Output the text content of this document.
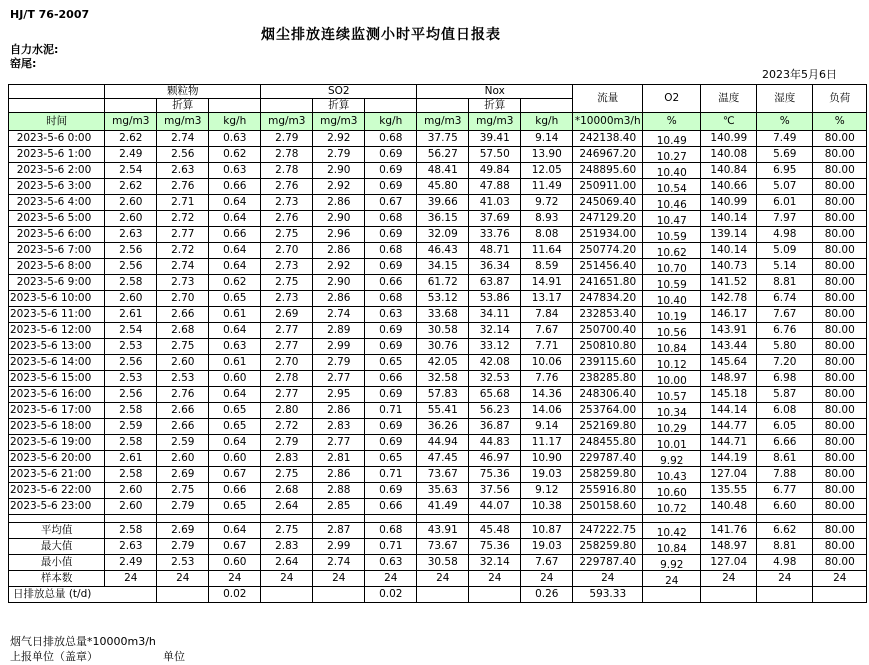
HJ/T 76-2007
烟尘排放连续监测小时平均值日报表
自力水泥:
窑尾:
2023年5月6日
	颗粒物			SO2			Nox			流量	O2	温度	湿度	负荷
		折算			折算			折算						
时间	mg/m3	mg/m3	kg/h	mg/m3	mg/m3	kg/h	mg/m3	mg/m3	kg/h	*10000m3/h	%	℃	%	%
2023-5-6 0:00	2.62	2.74	0.63	2.79	2.92	0.68	37.75	39.41	9.14	242138.40	10.49	140.99	7.49	80.00
2023-5-6 1:00	2.49	2.56	0.62	2.78	2.79	0.69	56.27	57.50	13.90	246967.20	10.27	140.08	5.69	80.00
2023-5-6 2:00	2.54	2.63	0.63	2.78	2.90	0.69	48.41	49.84	12.05	248895.60	10.40	140.84	6.95	80.00
2023-5-6 3:00	2.62	2.76	0.66	2.76	2.92	0.69	45.80	47.88	11.49	250911.00	10.54	140.66	5.07	80.00
2023-5-6 4:00	2.60	2.71	0.64	2.73	2.86	0.67	39.66	41.03	9.72	245069.40	10.46	140.99	6.01	80.00
2023-5-6 5:00	2.60	2.72	0.64	2.76	2.90	0.68	36.15	37.69	8.93	247129.20	10.47	140.14	7.97	80.00
2023-5-6 6:00	2.63	2.77	0.66	2.75	2.96	0.69	32.09	33.76	8.08	251934.00	10.59	139.14	4.98	80.00
2023-5-6 7:00	2.56	2.72	0.64	2.70	2.86	0.68	46.43	48.71	11.64	250774.20	10.62	140.14	5.09	80.00
2023-5-6 8:00	2.56	2.74	0.64	2.73	2.92	0.69	34.15	36.34	8.59	251456.40	10.70	140.73	5.14	80.00
2023-5-6 9:00	2.58	2.73	0.62	2.75	2.90	0.66	61.72	63.87	14.91	241651.80	10.59	141.52	8.81	80.00
2023-5-6 10:00	2.60	2.70	0.65	2.73	2.86	0.68	53.12	53.86	13.17	247834.20	10.40	142.78	6.74	80.00
2023-5-6 11:00	2.61	2.66	0.61	2.69	2.74	0.63	33.68	34.11	7.84	232853.40	10.19	146.17	7.67	80.00
2023-5-6 12:00	2.54	2.68	0.64	2.77	2.89	0.69	30.58	32.14	7.67	250700.40	10.56	143.91	6.76	80.00
2023-5-6 13:00	2.53	2.75	0.63	2.77	2.99	0.69	30.76	33.12	7.71	250810.80	10.84	143.44	5.80	80.00
2023-5-6 14:00	2.56	2.60	0.61	2.70	2.79	0.65	42.05	42.08	10.06	239115.60	10.12	145.64	7.20	80.00
2023-5-6 15:00	2.53	2.53	0.60	2.78	2.77	0.66	32.58	32.53	7.76	238285.80	10.00	148.97	6.98	80.00
2023-5-6 16:00	2.56	2.76	0.64	2.77	2.95	0.69	57.83	65.68	14.36	248306.40	10.57	145.18	5.87	80.00
2023-5-6 17:00	2.58	2.66	0.65	2.80	2.86	0.71	55.41	56.23	14.06	253764.00	10.34	144.14	6.08	80.00
2023-5-6 18:00	2.59	2.66	0.65	2.72	2.83	0.69	36.26	36.87	9.14	252169.80	10.29	144.77	6.05	80.00
2023-5-6 19:00	2.58	2.59	0.64	2.79	2.77	0.69	44.94	44.83	11.17	248455.80	10.01	144.71	6.66	80.00
2023-5-6 20:00	2.61	2.60	0.60	2.83	2.81	0.65	47.45	46.97	10.90	229787.40	9.92	144.19	8.61	80.00
2023-5-6 21:00	2.58	2.69	0.67	2.75	2.86	0.71	73.67	75.36	19.03	258259.80	10.43	127.04	7.88	80.00
2023-5-6 22:00	2.60	2.75	0.66	2.68	2.88	0.69	35.63	37.56	9.12	255916.80	10.60	135.55	6.77	80.00
2023-5-6 23:00	2.60	2.79	0.65	2.64	2.85	0.66	41.49	44.07	10.38	250158.60	10.72	140.48	6.60	80.00

平均值	2.58	2.69	0.64	2.75	2.87	0.68	43.91	45.48	10.87	247222.75	10.42	141.76	6.62	80.00
最大值	2.63	2.79	0.67	2.83	2.99	0.71	73.67	75.36	19.03	258259.80	10.84	148.97	8.81	80.00
最小值	2.49	2.53	0.60	2.64	2.74	0.63	30.58	32.14	7.67	229787.40	9.92	127.04	4.98	80.00
样本数	24	24	24	24	24	24	24	24	24	24	24	24	24	24
日排放总量 (t/d)			0.02			0.02			0.26	593.33				
烟气日排放总量*10000m3/h
上报单位（盖章）	单位
